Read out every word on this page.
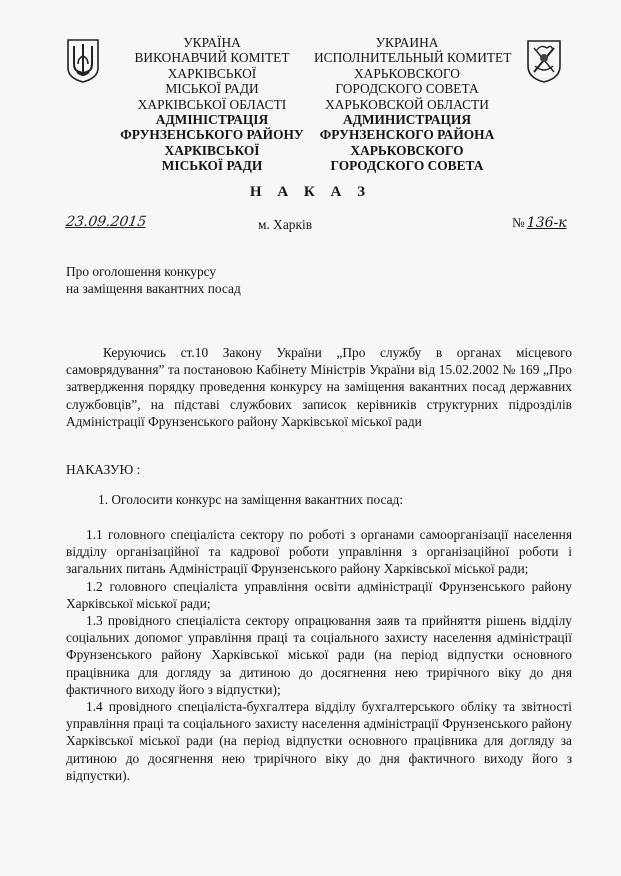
УКРАЇНА
ВИКОНАВЧИЙ КОМІТЕТ
ХАРКІВСЬКОЇ
МІСЬКОЇ РАДИ
ХАРКІВСЬКОЇ ОБЛАСТІ
АДМІНІСТРАЦІЯ
ФРУНЗЕНСЬКОГО РАЙОНУ
ХАРКІВСЬКОЇ
МІСЬКОЇ РАДИ
УКРАИНА
ИСПОЛНИТЕЛЬНЫЙ КОМИТЕТ
ХАРЬКОВСКОГО
ГОРОДСКОГО СОВЕТА
ХАРЬКОВСКОЙ ОБЛАСТИ
АДМИНИСТРАЦИЯ
ФРУНЗЕНСКОГО РАЙОНА
ХАРЬКОВСКОГО
ГОРОДСКОГО СОВЕТА
Н А К А З
23.09.2015	м. Харків	№ 136-к
Про оголошення конкурсу
на заміщення вакантних посад

Керуючись ст.10 Закону України „Про службу в органах місцевого самоврядування” та постановою Кабінету Міністрів України від 15.02.2002 № 169 „Про затвердження порядку проведення конкурсу на заміщення вакантних посад державних службовців”, на підставі службових записок керівників структурних підрозділів Адміністрації Фрунзенського району Харківської міської ради

НАКАЗУЮ :
1. Оголосити конкурс на заміщення вакантних посад:

1.1 головного спеціаліста сектору по роботі з органами самоорганізації населення відділу організаційної та кадрової роботи управління з організаційної роботи і загальних питань Адміністрації Фрунзенського району Харківської міської ради;

1.2 головного спеціаліста управління освіти адміністрації Фрунзенського району Харківської міської ради;

1.3 провідного спеціаліста сектору опрацювання заяв та прийняття рішень відділу соціальних допомог управління праці та соціального захисту населення адміністрації Фрунзенського району Харківської міської ради (на період відпустки основного працівника для догляду за дитиною до досягнення нею трирічного віку до дня фактичного виходу його з відпустки);

1.4 провідного спеціаліста-бухгалтера відділу бухгалтерського обліку та звітності управління праці та соціального захисту населення адміністрації Фрунзенського району Харківської міської ради (на період відпустки основного працівника для догляду за дитиною до досягнення нею трирічного віку до дня фактичного виходу його з відпустки).
